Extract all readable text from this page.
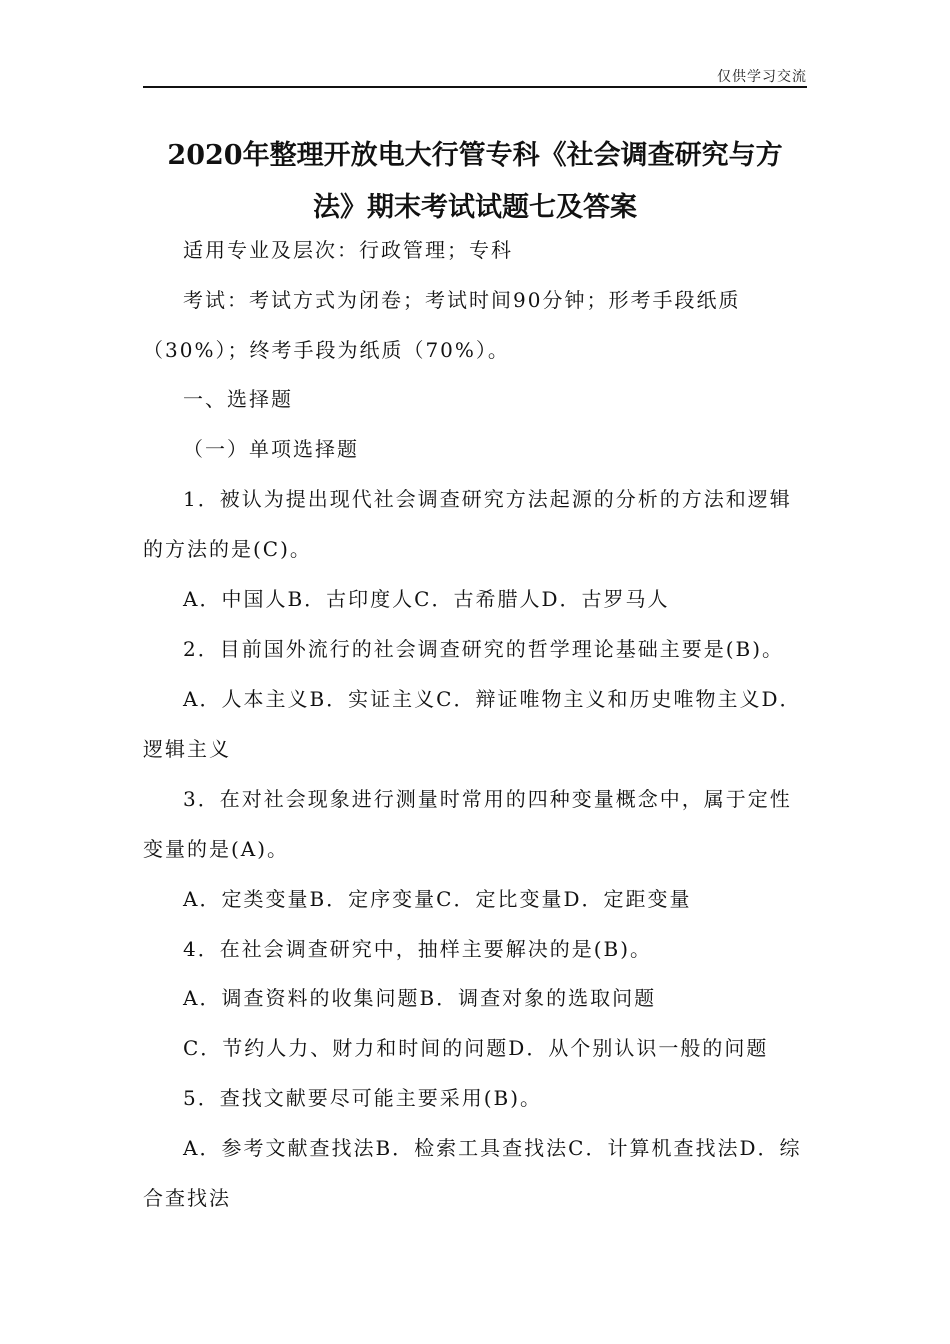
仅供学习交流
2020年整理开放电大行管专科《社会调查研究与方
法》期末考试试题七及答案
适用专业及层次：行政管理；专科
考试：考试方式为闭卷；考试时间90分钟；形考手段纸质
（30%）；终考手段为纸质（70%）。
一、选择题
（一）单项选择题
1．被认为提出现代社会调查研究方法起源的分析的方法和逻辑
的方法的是(C)。
A．中国人B．古印度人C．古希腊人D．古罗马人
2．目前国外流行的社会调查研究的哲学理论基础主要是(B)。
A．人本主义B．实证主义C．辩证唯物主义和历史唯物主义D．
逻辑主义
3．在对社会现象进行测量时常用的四种变量概念中，属于定性
变量的是(A)。
A．定类变量B．定序变量C．定比变量D．定距变量
4．在社会调查研究中，抽样主要解决的是(B)。
A．调查资料的收集问题B．调查对象的选取问题
C．节约人力、财力和时间的问题D．从个别认识一般的问题
5．查找文献要尽可能主要采用(B)。
A．参考文献查找法B．检索工具查找法C．计算机查找法D．综
合查找法
